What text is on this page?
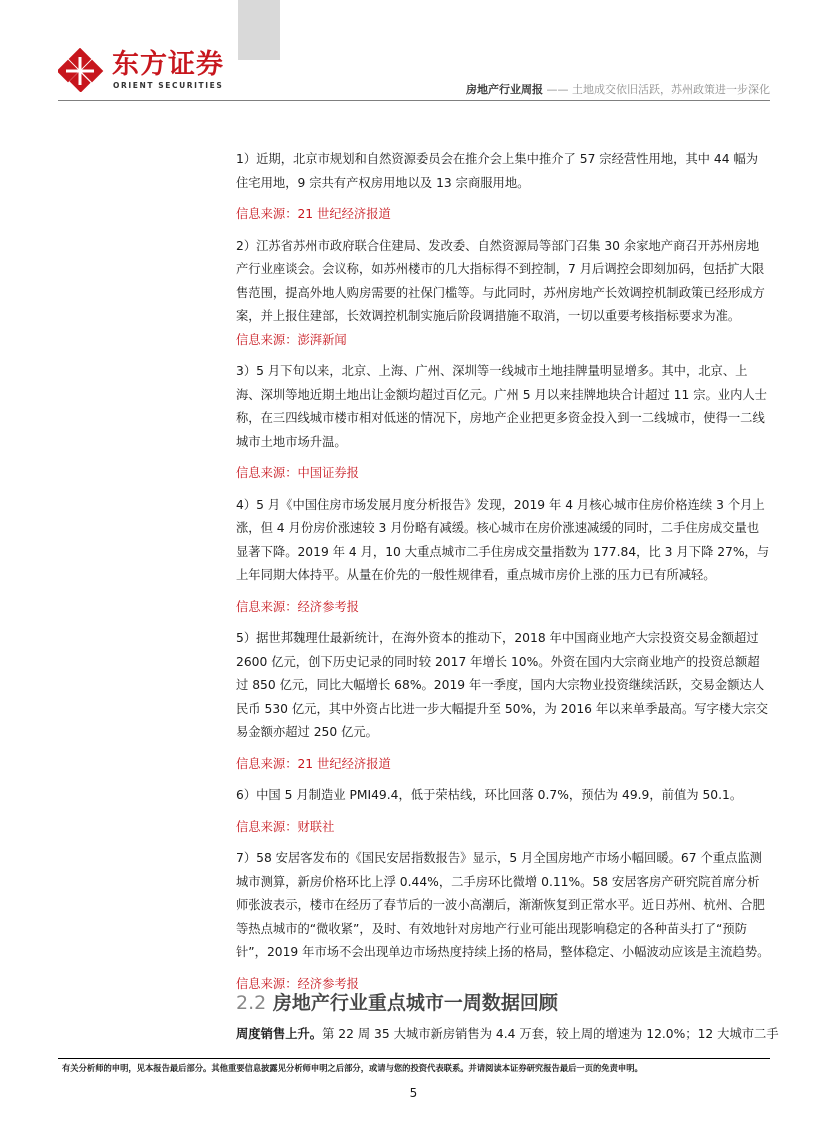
东方证券
ORIENT SECURITIES	房地产行业周报 —— 土地成交依旧活跃，苏州政策进一步深化

1）近期，北京市规划和自然资源委员会在推介会上集中推介了 57 宗经营性用地，其中 44 幅为住宅用地，9 宗共有产权房用地以及 13 宗商服用地。

信息来源：21 世纪经济报道

2）江苏省苏州市政府联合住建局、发改委、自然资源局等部门召集 30 余家地产商召开苏州房地产行业座谈会。会议称，如苏州楼市的几大指标得不到控制，7 月后调控会即刻加码，包括扩大限售范围，提高外地人购房需要的社保门槛等。与此同时，苏州房地产长效调控机制政策已经形成方案，并上报住建部，长效调控机制实施后阶段调措施不取消，一切以重要考核指标要求为准。

信息来源：澎湃新闻

3）5 月下旬以来，北京、上海、广州、深圳等一线城市土地挂牌量明显增多。其中，北京、上海、深圳等地近期土地出让金额均超过百亿元。广州 5 月以来挂牌地块合计超过 11 宗。业内人士称，在三四线城市楼市相对低迷的情况下，房地产企业把更多资金投入到一二线城市，使得一二线城市土地市场升温。

信息来源：中国证券报

4）5 月《中国住房市场发展月度分析报告》发现，2019 年 4 月核心城市住房价格连续 3 个月上涨，但 4 月份房价涨速较 3 月份略有减缓。核心城市在房价涨速减缓的同时，二手住房成交量也显著下降。2019 年 4 月，10 大重点城市二手住房成交量指数为 177.84，比 3 月下降 27%，与上年同期大体持平。从量在价先的一般性规律看，重点城市房价上涨的压力已有所减轻。

信息来源：经济参考报

5）据世邦魏理仕最新统计，在海外资本的推动下，2018 年中国商业地产大宗投资交易金额超过 2600 亿元，创下历史记录的同时较 2017 年增长 10%。外资在国内大宗商业地产的投资总额超过 850 亿元，同比大幅增长 68%。2019 年一季度，国内大宗物业投资继续活跃，交易金额达人民币 530 亿元，其中外资占比进一步大幅提升至 50%，为 2016 年以来单季最高。写字楼大宗交易金额亦超过 250 亿元。

信息来源：21 世纪经济报道

6）中国 5 月制造业 PMI49.4，低于荣枯线，环比回落 0.7%，预估为 49.9，前值为 50.1。

信息来源：财联社

7）58 安居客发布的《国民安居指数报告》显示，5 月全国房地产市场小幅回暖。67 个重点监测城市测算，新房价格环比上浮 0.44%，二手房环比微增 0.11%。58 安居客房产研究院首席分析师张波表示，楼市在经历了春节后的一波小高潮后，渐渐恢复到正常水平。近日苏州、杭州、合肥等热点城市的“微收紧”，及时、有效地针对房地产行业可能出现影响稳定的各种苗头打了“预防针”，2019 年市场不会出现单边市场热度持续上扬的格局，整体稳定、小幅波动应该是主流趋势。

信息来源：经济参考报

2.2 房地产行业重点城市一周数据回顾
周度销售上升。第 22 周 35 大城市新房销售为 4.4 万套，较上周的增速为 12.0%；12 大城市二手
有关分析师的申明，见本报告最后部分。其他重要信息披露见分析师申明之后部分，或请与您的投资代表联系。并请阅读本证券研究报告最后一页的免责申明。
5
